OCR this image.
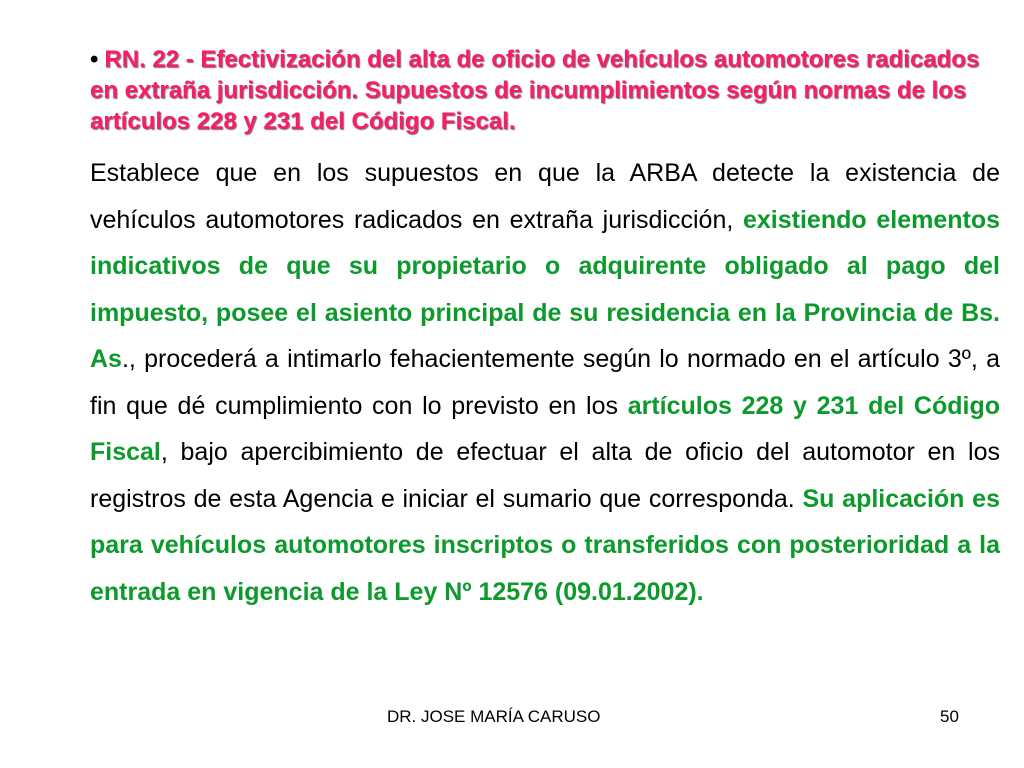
• RN. 22 - Efectivización del alta de oficio de vehículos automotores radicados en extraña jurisdicción. Supuestos de incumplimientos según normas de los artículos 228 y 231 del Código Fiscal.

Establece que en los supuestos en que la ARBA detecte la existencia de vehículos automotores radicados en extraña jurisdicción, existiendo elementos indicativos de que su propietario o adquirente obligado al pago del impuesto, posee el asiento principal de su residencia en la Provincia de Bs. As., procederá a intimarlo fehacientemente según lo normado en el artículo 3º, a fin que dé cumplimiento con lo previsto en los artículos 228 y 231 del Código Fiscal, bajo apercibimiento de efectuar el alta de oficio del automotor en los registros de esta Agencia e iniciar el sumario que corresponda. Su aplicación es para vehículos automotores inscriptos o transferidos con posterioridad a la entrada en vigencia de la Ley Nº 12576 (09.01.2002).

DR. JOSE MARÍA CARUSO	50
